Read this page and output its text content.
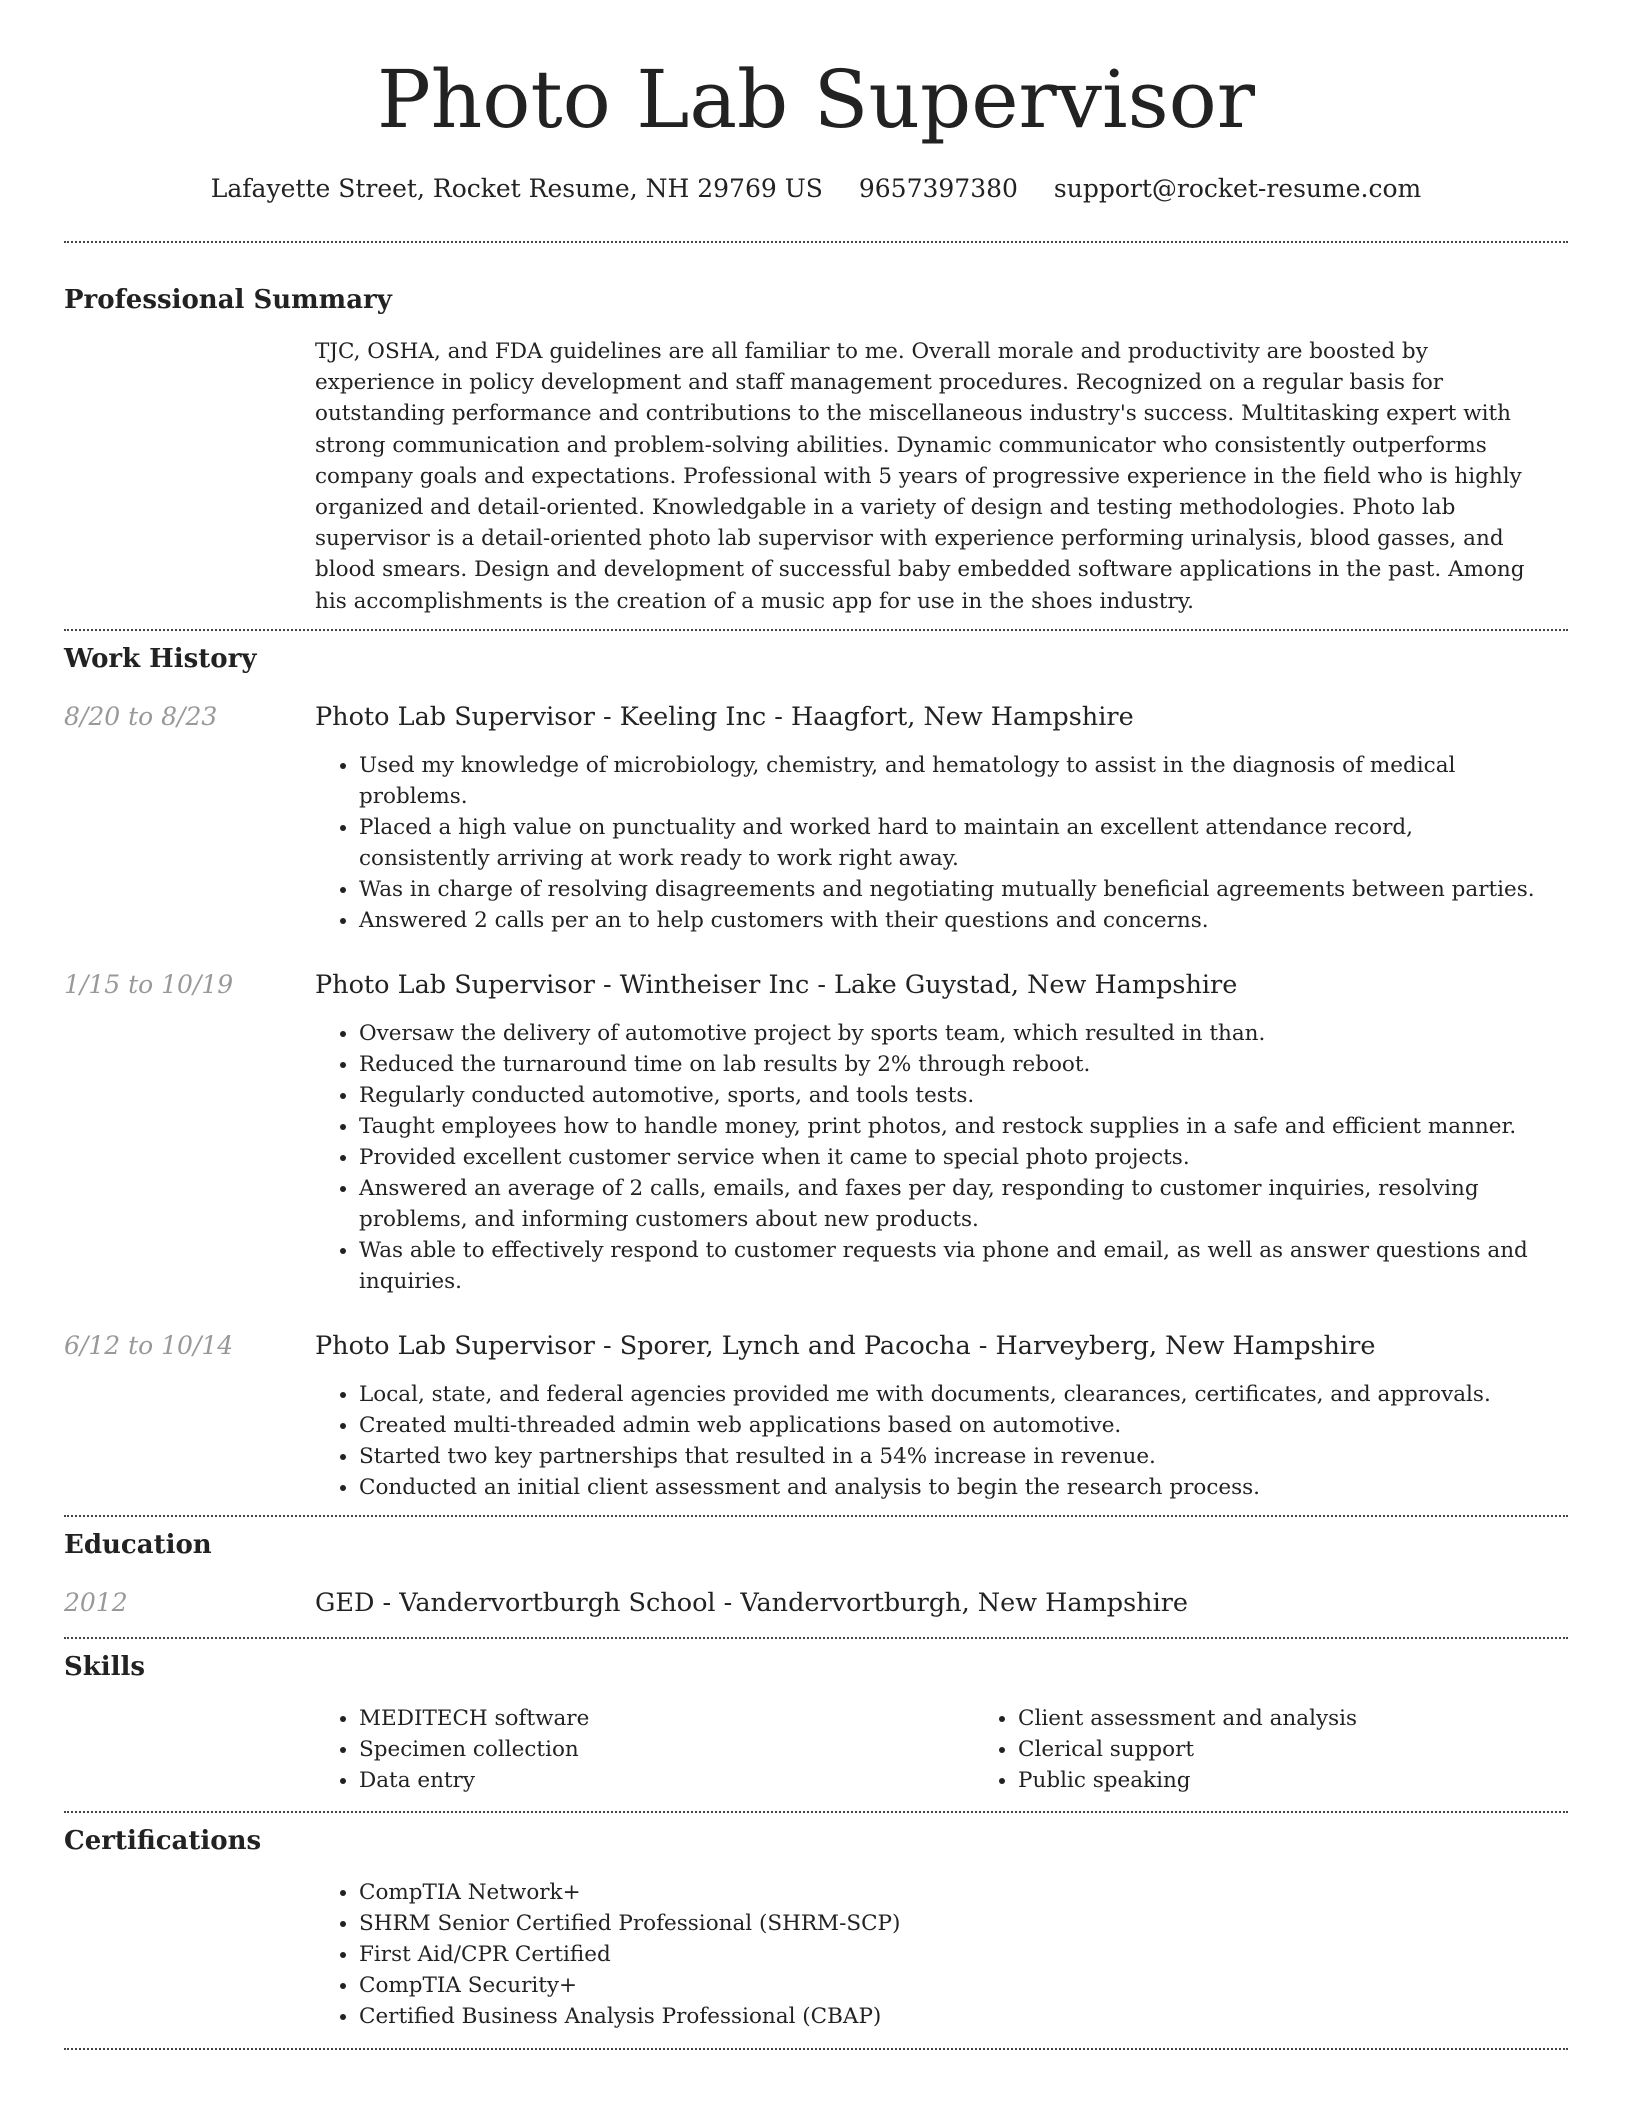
Photo Lab Supervisor
Lafayette Street, Rocket Resume, NH 29769 US 9657397380 support@rocket-resume.com
Professional Summary

TJC, OSHA, and FDA guidelines are all familiar to me. Overall morale and productivity are boosted by experience in policy development and staff management procedures. Recognized on a regular basis for outstanding performance and contributions to the miscellaneous industry's success. Multitasking expert with strong communication and problem-solving abilities. Dynamic communicator who consistently outperforms company goals and expectations. Professional with 5 years of progressive experience in the field who is highly organized and detail-oriented. Knowledgable in a variety of design and testing methodologies. Photo lab supervisor is a detail-oriented photo lab supervisor with experience performing urinalysis, blood gasses, and blood smears. Design and development of successful baby embedded software applications in the past. Among his accomplishments is the creation of a music app for use in the shoes industry.

Work History
8/20 to 8/23	Photo Lab Supervisor - Keeling Inc - Haagfort, New Hampshire
• Used my knowledge of microbiology, chemistry, and hematology to assist in the diagnosis of medical problems.
• Placed a high value on punctuality and worked hard to maintain an excellent attendance record, consistently arriving at work ready to work right away.
• Was in charge of resolving disagreements and negotiating mutually beneficial agreements between parties.
• Answered 2 calls per an to help customers with their questions and concerns.
1/15 to 10/19	Photo Lab Supervisor - Wintheiser Inc - Lake Guystad, New Hampshire
• Oversaw the delivery of automotive project by sports team, which resulted in than.
• Reduced the turnaround time on lab results by 2% through reboot.
• Regularly conducted automotive, sports, and tools tests.
• Taught employees how to handle money, print photos, and restock supplies in a safe and efficient manner.
• Provided excellent customer service when it came to special photo projects.
• Answered an average of 2 calls, emails, and faxes per day, responding to customer inquiries, resolving problems, and informing customers about new products.
• Was able to effectively respond to customer requests via phone and email, as well as answer questions and inquiries.
6/12 to 10/14	Photo Lab Supervisor - Sporer, Lynch and Pacocha - Harveyberg, New Hampshire
• Local, state, and federal agencies provided me with documents, clearances, certificates, and approvals.
• Created multi-threaded admin web applications based on automotive.
• Started two key partnerships that resulted in a 54% increase in revenue.
• Conducted an initial client assessment and analysis to begin the research process.
Education
2012	GED - Vandervortburgh School - Vandervortburgh, New Hampshire
Skills
• MEDITECH software
• Specimen collection
• Data entry
• Client assessment and analysis
• Clerical support
• Public speaking
Certifications
• CompTIA Network+
• SHRM Senior Certified Professional (SHRM-SCP)
• First Aid/CPR Certified
• CompTIA Security+
• Certified Business Analysis Professional (CBAP)
